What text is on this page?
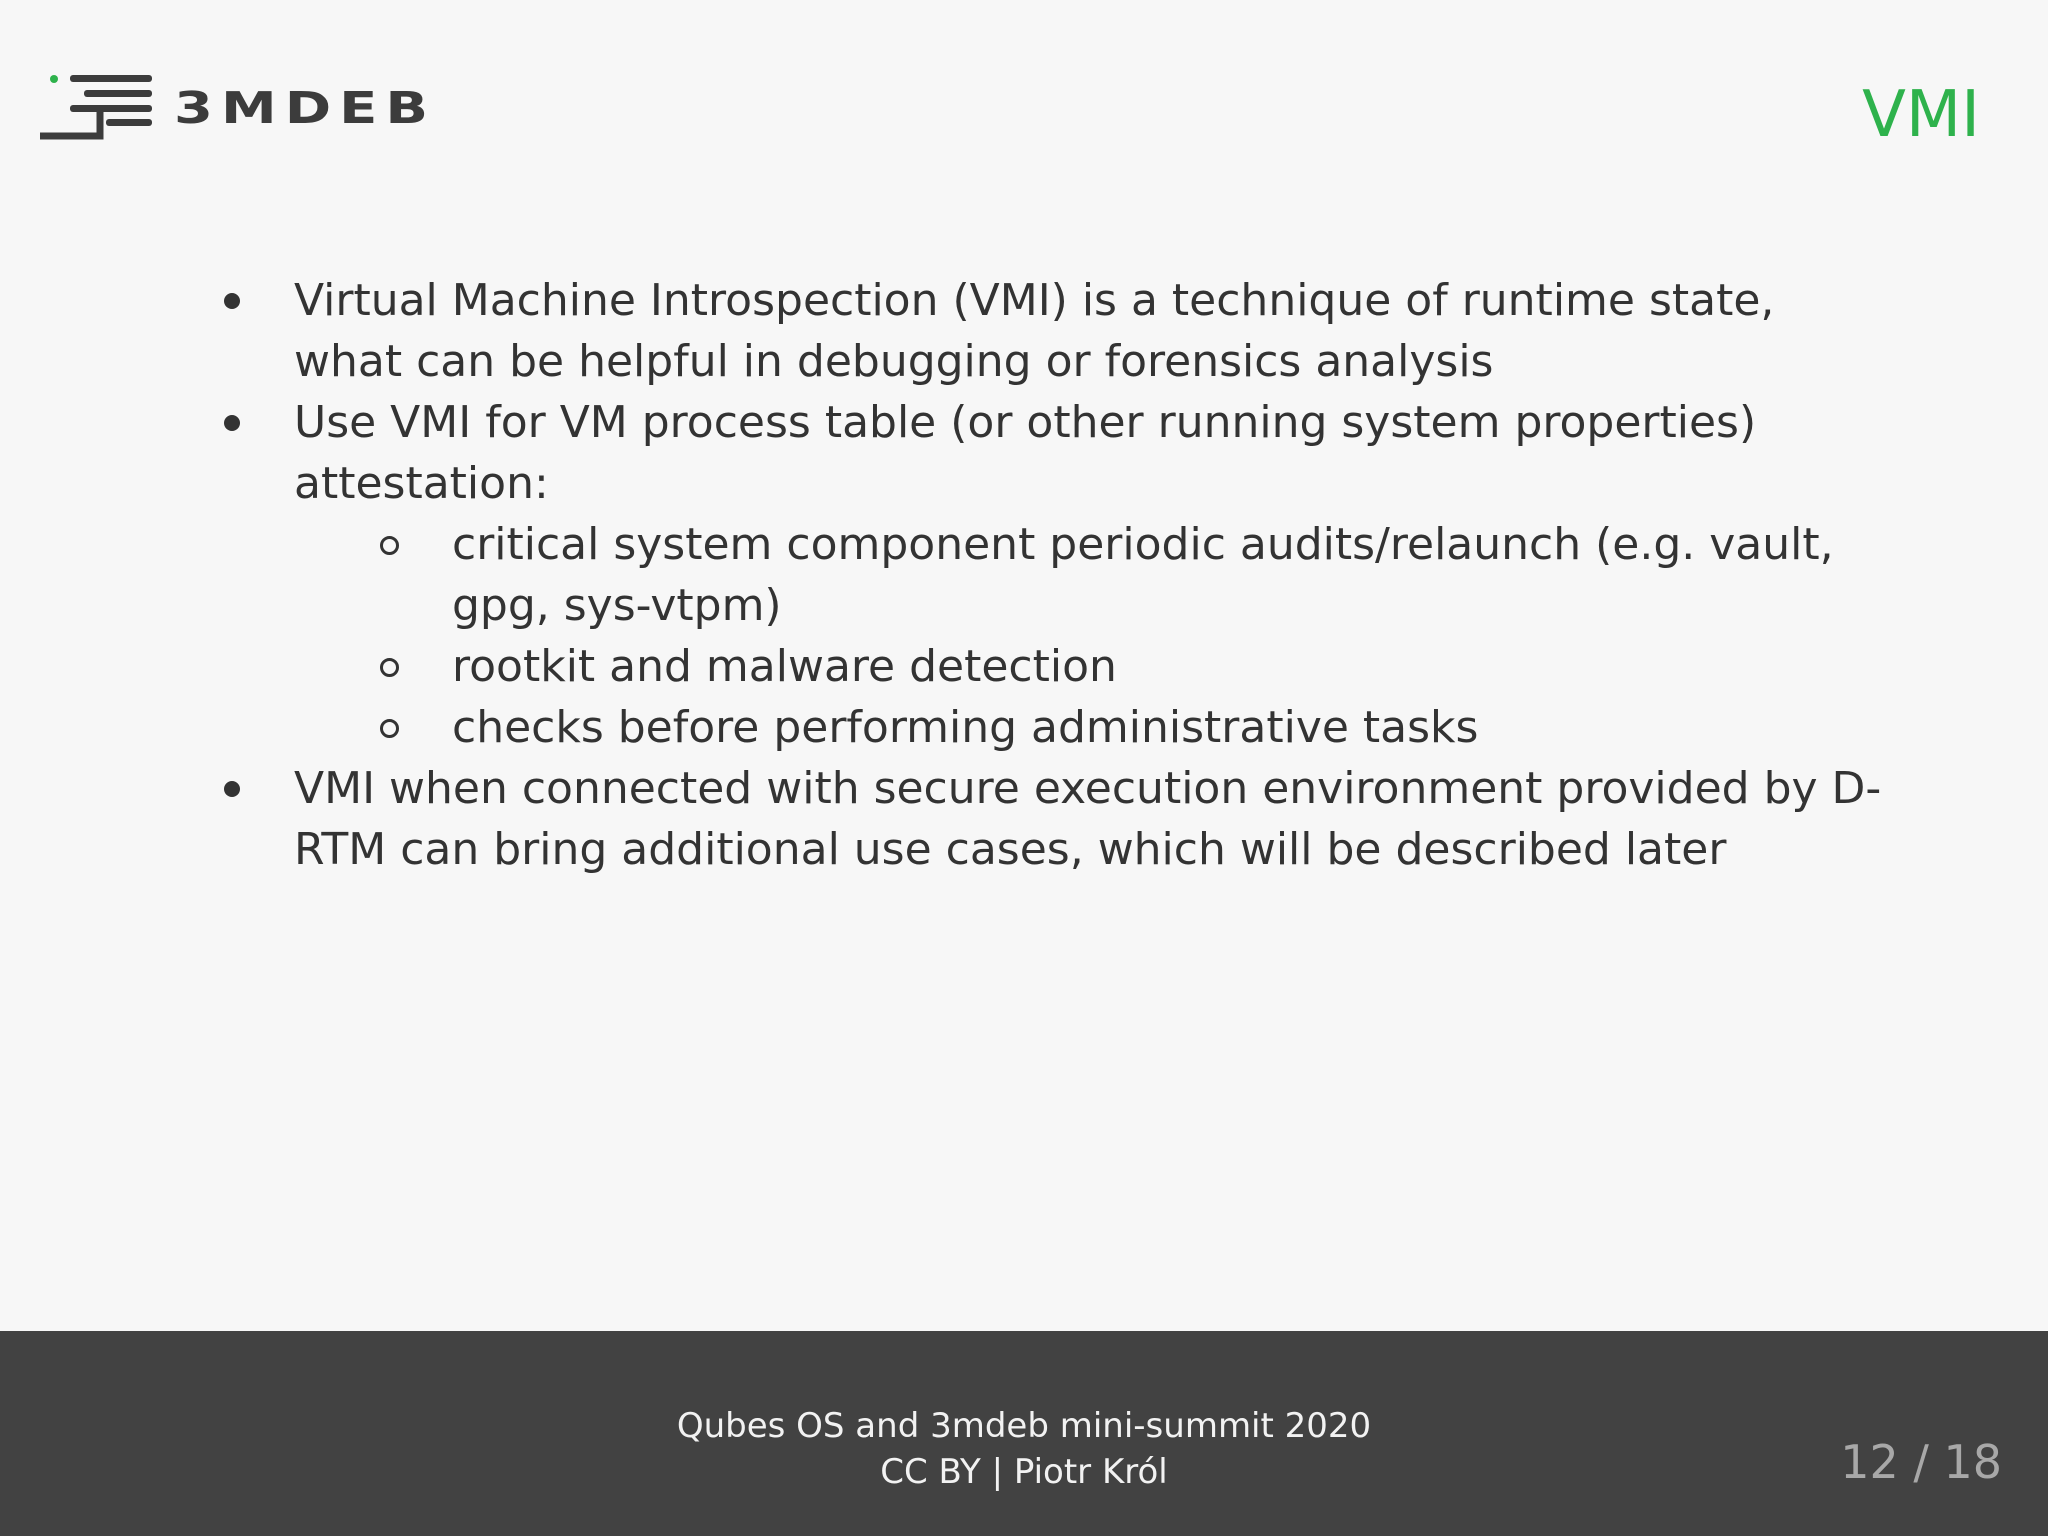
3MDEB	VMI
Virtual Machine Introspection (VMI) is a technique of runtime state, what can be helpful in debugging or forensics analysis
Use VMI for VM process table (or other running system properties) attestation:
critical system component periodic audits/relaunch (e.g. vault, gpg, sys-vtpm)
rootkit and malware detection
checks before performing administrative tasks
VMI when connected with secure execution environment provided by D-RTM can bring additional use cases, which will be described later
Qubes OS and 3mdeb mini-summit 2020
CC BY | Piotr Król	12 / 18
